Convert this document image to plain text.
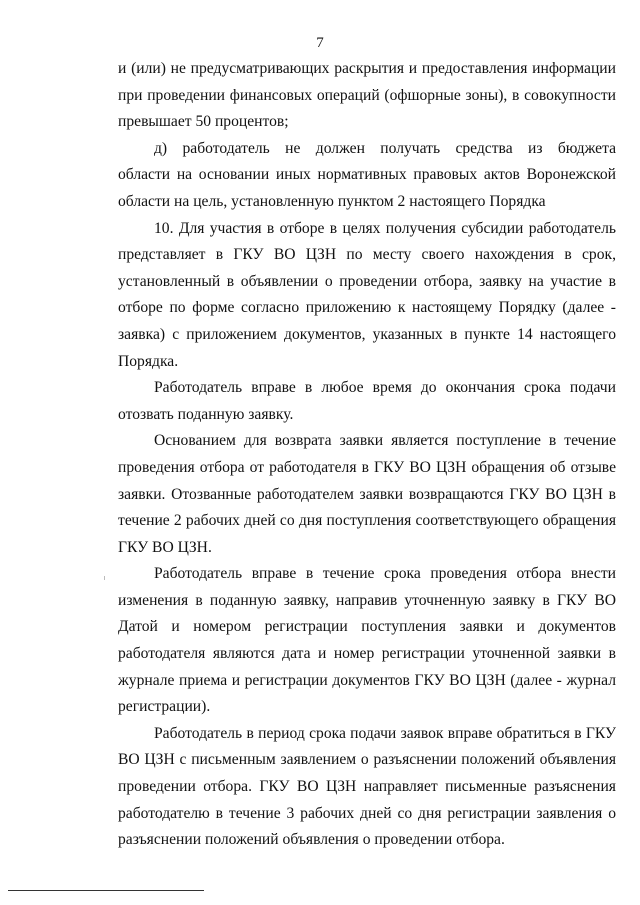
7
и (или) не предусматривающих раскрытия и предоставления информации
при проведении финансовых операций (офшорные зоны), в совокупности
превышает 50 процентов;
д) работодатель не должен получать средства из бюджета
области на основании иных нормативных правовых актов Воронежской
области на цель, установленную пунктом 2 настоящего Порядка
10. Для участия в отборе в целях получения субсидии работодатель
представляет в ГКУ ВО ЦЗН по месту своего нахождения в срок,
установленный в объявлении о проведении отбора, заявку на участие в
отборе по форме согласно приложению к настоящему Порядку (далее -
заявка) с приложением документов, указанных в пункте 14 настоящего
Порядка.
Работодатель вправе в любое время до окончания срока подачи
отозвать поданную заявку.
Основанием для возврата заявки является поступление в течение
проведения отбора от работодателя в ГКУ ВО ЦЗН обращения об отзыве
заявки. Отозванные работодателем заявки возвращаются ГКУ ВО ЦЗН в
течение 2 рабочих дней со дня поступления соответствующего обращения
ГКУ ВО ЦЗН.
Работодатель вправе в течение срока проведения отбора внести
изменения в поданную заявку, направив уточненную заявку в ГКУ ВО
Датой и номером регистрации поступления заявки и документов
работодателя являются дата и номер регистрации уточненной заявки в
журнале приема и регистрации документов ГКУ ВО ЦЗН (далее - журнал
регистрации).
Работодатель в период срока подачи заявок вправе обратиться в ГКУ
ВО ЦЗН с письменным заявлением о разъяснении положений объявления
проведении отбора. ГКУ ВО ЦЗН направляет письменные разъяснения
работодателю в течение 3 рабочих дней со дня регистрации заявления о
разъяснении положений объявления о проведении отбора.
